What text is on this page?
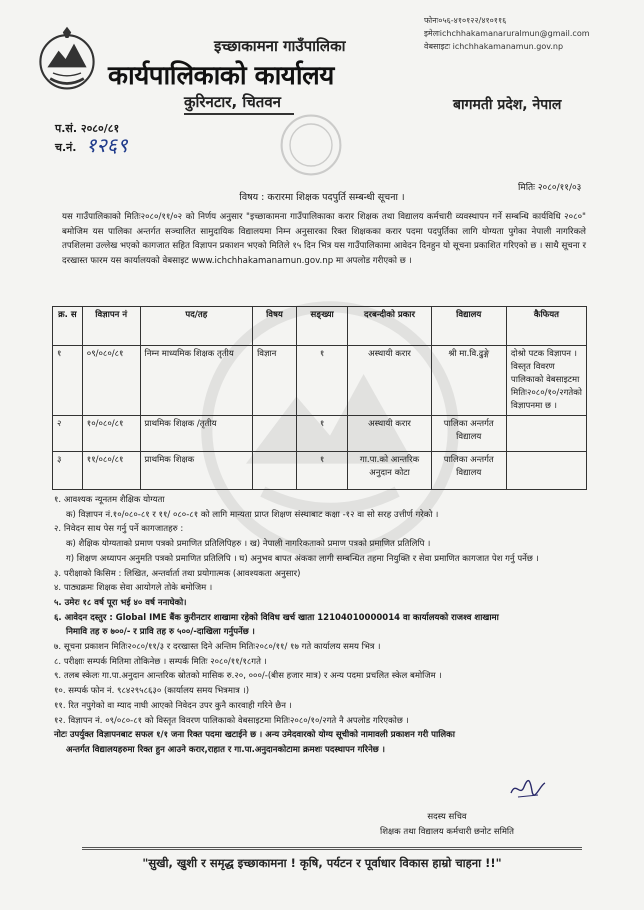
फोनः०५६-४१०१२२/४१०११६
इमेलःichchhakamanaruralmun@gmail.com
वेबसाइटः ichchhakamanamun.gov.np
इच्छाकामना गाउँपालिका
कार्यपालिकाको कार्यालय
कुरिनटार, चितवन	बागमती प्रदेश, नेपाल
प.सं. २०८०/८१
च.नं. १२६९
मितिः २०८०/११/०३
विषय : करारमा शिक्षक पदपुर्ति सम्बन्धी सूचना ।
यस गाउँपालिकाको मितिः२०८०/११/०२ को निर्णय अनुसार "इच्छाकामना गाउँपालिकाका करार शिक्षक तथा विद्यालय कर्मचारी व्यवस्थापन गर्ने सम्बन्धि कार्यविधि २०८०" बमोजिम यस पालिका अन्तर्गत सञ्चालित सामुदायिक विद्यालयमा निम्न अनुसारका रिक्त शिक्षकका करार पदमा पदपुर्तिका लागि योग्यता पुगेका नेपाली नागरिकले तपशिलमा उल्लेख भएको कागजात सहित विज्ञापन प्रकाशन भएको मितिले १५ दिन भित्र यस गाउँपालिकामा आवेदन दिनहुन यो सूचना प्रकाशित गरिएको छ । साथै सूचना र दरखास्त फारम यस कार्यालयको वेबसाइट www.ichchhakamanamun.gov.np मा अपलोड गरीएको छ ।
क्र. स	विज्ञापन नं	पद/तह	विषय	सङ्ख्या	दरबन्दीको प्रकार	विद्यालय	कैफियत
१	०९/०८०/८१	निम्न माध्यमिक शिक्षक तृतीय	विज्ञान	१	अस्थायी करार	श्री मा.वि.ढुङ्गे	दोश्रो पटक विज्ञापन । विस्तृत विवरण पालिकाको वेबसाइटमा मितिः२०८०/१०/२गतेको विज्ञापनमा छ ।
२	१०/०८०/८१	प्राथमिक शिक्षक /तृतीय		१	अस्थायी करार	पालिका अन्तर्गत विद्यालय	
३	११/०८०/८१	प्राथमिक शिक्षक		१	गा.पा.को आन्तरिक अनुदान कोटा	पालिका अन्तर्गत विद्यालय	
१. आवश्यक न्यूनतम शैक्षिक योग्यता
क) विज्ञापन नं.१०/०८०-८१ र ११/ ०८०-८१ को लागि मान्यता प्राप्त शिक्षण संस्थाबाट कक्षा -१२ वा सो सरह उत्तीर्ण गरेको ।
२. निवेदन साथ पेस गर्नु पर्ने कागजातहरु :
क) शैक्षिक योग्यताको प्रमाण पत्रको प्रमाणित प्रतिलिपिहरु । ख) नेपाली नागरिकताको प्रमाण पत्रको प्रमाणित प्रतिलिपि ।
ग) शिक्षण अध्यापन अनुमति पत्रको प्रमाणित प्रतिलिपि । घ) अनुभव बापत अंकका लागी सम्बन्धित तहमा नियुक्ति र सेवा प्रमाणित कागजात पेश गर्नु पर्नेछ ।
३. परीक्षाको किसिम : लिखित, अन्तर्वार्ता तथा प्रयोगात्मक (आवश्यकता अनुसार)
४. पाठ्यक्रमः शिक्षक सेवा आयोगले तोके बमोजिम ।
५. उमेरः १८ वर्ष पूरा भई ४० वर्ष ननाघेको।
६. आवेदन दस्तुर : Global IME बैंक कुरीनटार शाखामा रहेको विविध खर्च खाता 12104010000014 वा कार्यालयको राजश्व शाखामा
निमावि तह रु ७००/- र प्रावि तह रु ५००/-दाखिला गर्नुपर्नेछ ।
७. सूचना प्रकाशन मितिः२०८०/११/३ र दरखास्त दिने अन्तिम मितिः२०८०/११/ १७ गते कार्यालय समय भित्र ।
८. परीक्षाः सम्पर्क मितिमा तोकिनेछ । सम्पर्क मितिः २०८०/११/१८गते ।
९. तलब स्केलः गा.पा.अनुदान आन्तरिक स्रोतको मासिक रु.२०, ०००/-(बीस हजार मात्र) र अन्य पदमा प्रचलित स्केल बमोजिम ।
१०. सम्पर्क फोन नं. ९८४२९५८६३० (कार्यालय समय भित्रमात्र ।)
११. रित नपुगेको वा म्याद नाघी आएको निवेदन उपर कुनै कारवाही गरिने छैन ।
१२. विज्ञापन नं. ०९/०८०-८१ को विस्तृत विवरण पालिकाको वेबसाइटमा मितिः२०८०/१०/२गते नै अपलोड गरिएकोछ ।
नोटः उपर्युक्त विज्ञापनबाट सफल १/१ जना रिक्त पदमा खटाईने छ । अन्य उमेदवारको योग्य सूचीको नामावली प्रकाशन गरी पालिका
अन्तर्गत विद्यालयहरुमा रिक्त हुन आउने करार,राहात र गा.पा.अनुदानकोटामा क्रमशः पदस्थापन गरिनेछ ।
सदस्य सचिव
शिक्षक तथा विद्यालय कर्मचारी छनोट समिति
"सुखी, खुशी र समृद्ध इच्छाकामना ! कृषि, पर्यटन र पूर्वाधार विकास हाम्रो चाहना !!"
